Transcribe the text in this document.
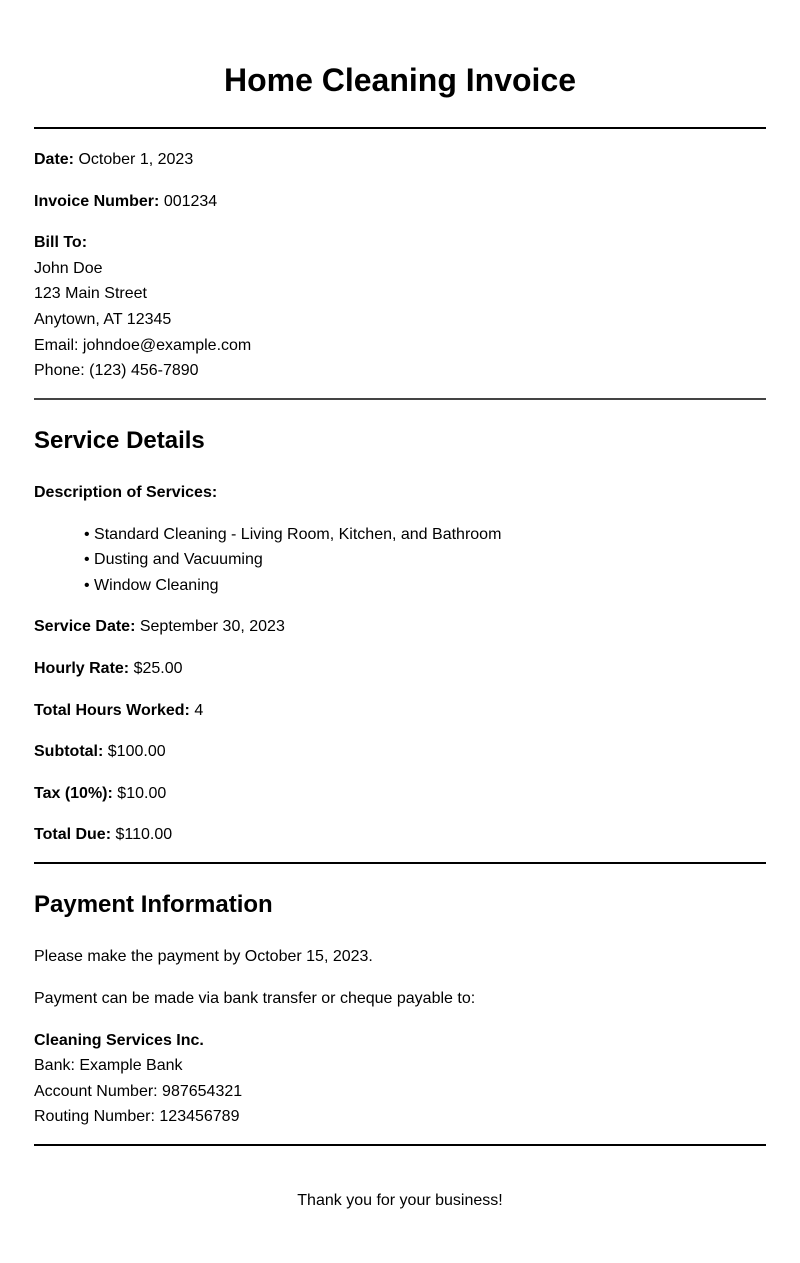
Home Cleaning Invoice
Date: October 1, 2023
Invoice Number: 001234
Bill To:
John Doe
123 Main Street
Anytown, AT 12345
Email: johndoe@example.com
Phone: (123) 456-7890
Service Details
Description of Services:
• Standard Cleaning - Living Room, Kitchen, and Bathroom
• Dusting and Vacuuming
• Window Cleaning
Service Date: September 30, 2023
Hourly Rate: $25.00
Total Hours Worked: 4
Subtotal: $100.00
Tax (10%): $10.00
Total Due: $110.00
Payment Information
Please make the payment by October 15, 2023.
Payment can be made via bank transfer or cheque payable to:
Cleaning Services Inc.
Bank: Example Bank
Account Number: 987654321
Routing Number: 123456789
Thank you for your business!
